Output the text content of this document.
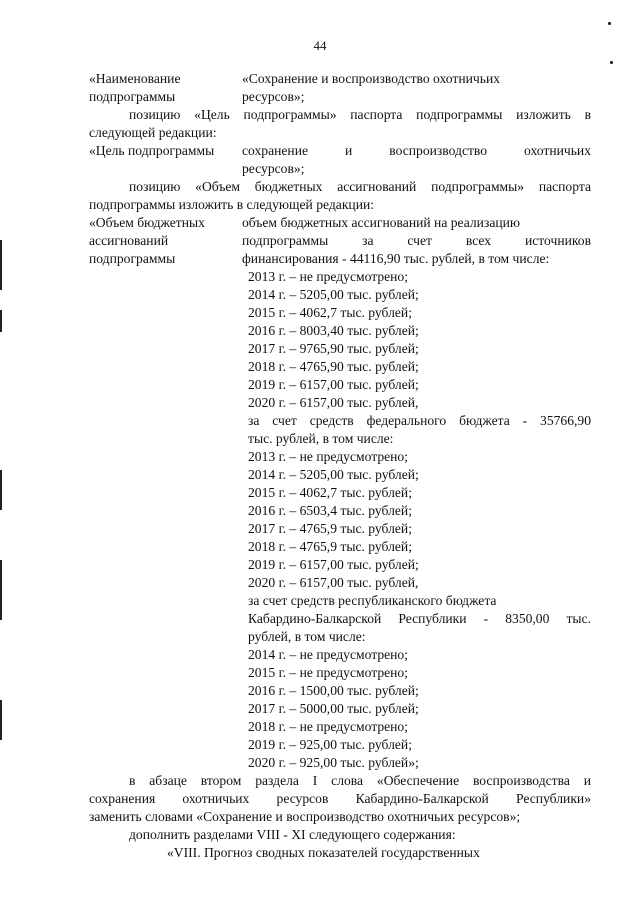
44
«Наименование
подпрограммы
«Сохранение и воспроизводство охотничьих
ресурсов»;
позицию «Цель подпрограммы» паспорта подпрограммы изложить в
следующей редакции:
«Цель подпрограммы	сохранение и воспроизводство охотничьих
ресурсов»;
позицию «Объем бюджетных ассигнований подпрограммы» паспорта
подпрограммы изложить в следующей редакции:
«Объем бюджетных
ассигнований
подпрограммы
объем бюджетных ассигнований на реализацию
подпрограммы за счет всех источников
финансирования - 44116,90 тыс. рублей, в том числе:
2013 г. – не предусмотрено;
2014 г. – 5205,00 тыс. рублей;
2015 г. – 4062,7 тыс. рублей;
2016 г. – 8003,40 тыс. рублей;
2017 г. – 9765,90 тыс. рублей;
2018 г. – 4765,90 тыс. рублей;
2019 г. – 6157,00 тыс. рублей;
2020 г. – 6157,00 тыс. рублей,
за счет средств федерального бюджета - 35766,90
тыс. рублей, в том числе:
2013 г. – не предусмотрено;
2014 г. – 5205,00 тыс. рублей;
2015 г. – 4062,7 тыс. рублей;
2016 г. – 6503,4 тыс. рублей;
2017 г. – 4765,9 тыс. рублей;
2018 г. – 4765,9 тыс. рублей;
2019 г. – 6157,00 тыс. рублей;
2020 г. – 6157,00 тыс. рублей,
за счет средств республиканского бюджета
Кабардино-Балкарской Республики - 8350,00 тыс.
рублей, в том числе:
2014 г. – не предусмотрено;
2015 г. – не предусмотрено;
2016 г. – 1500,00 тыс. рублей;
2017 г. – 5000,00 тыс. рублей;
2018 г. – не предусмотрено;
2019 г. – 925,00 тыс. рублей;
2020 г. – 925,00 тыс. рублей»;
в абзаце втором раздела I слова «Обеспечение воспроизводства и
сохранения охотничьих ресурсов Кабардино-Балкарской Республики»
заменить словами «Сохранение и воспроизводство охотничьих ресурсов»;
дополнить разделами VIII - XI следующего содержания:
«VIII. Прогноз сводных показателей государственных
